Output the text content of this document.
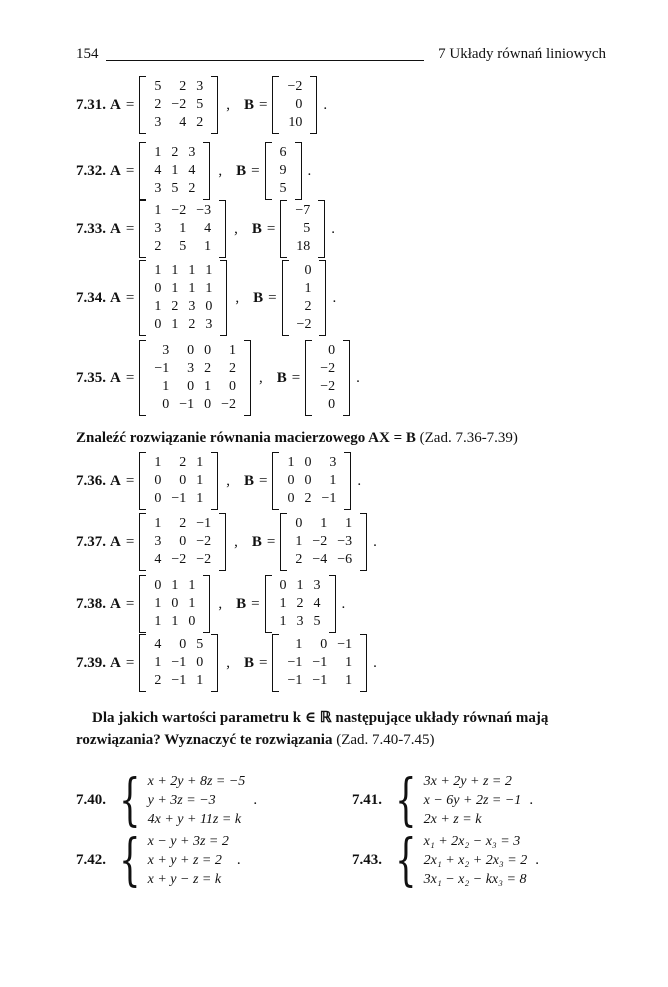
154	7 Układy równań liniowych
7.31. A =
5	2	3
2	−2	5
3	4	2
, B =
−2
0
10
.
7.32. A =
1	2	3
4	1	4
3	5	2
, B =
6
9
5
.
7.33. A =
1	−2	−3
3	1	4
2	5	1
, B =
−7
5
18
.
7.34. A =
1	1	1	1
0	1	1	1
1	2	3	0
0	1	2	3
, B =
0
1
2
−2
.
7.35. A =
3	0	0	1
−1	3	2	2
1	0	1	0
0	−1	0	−2
, B =
0
−2
−2
0
.
Znaleźć rozwiązanie równania macierzowego AX = B (Zad. 7.36-7.39)
7.36. A =
1	2	1
0	0	1
0	−1	1
, B =
1	0	3
0	0	1
0	2	−1
.
7.37. A =
1	2	−1
3	0	−2
4	−2	−2
, B =
0	1	1
1	−2	−3
2	−4	−6
.
7.38. A =
0	1	1
1	0	1
1	1	0
, B =
0	1	3
1	2	4
1	3	5
.
7.39. A =
4	0	5
1	−1	0
2	−1	1
, B =
1	0	−1
−1	−1	1
−1	−1	1
.
Dla jakich wartości parametru k ∈ ℝ następujące układy równań mają
rozwiązania? Wyznaczyć te rozwiązania (Zad. 7.40-7.45)
7.40. { x + 2y + 8z = −5
y + 3z = −3
4x + y + 11z = k
.	7.41. { 3x + 2y + z = 2
x − 6y + 2z = −1
2x + z = k
.
7.42. { x − y + 3z = 2
x + y + z = 2
x + y − z = k
.	7.43. { x₁ + 2x₂ − x₃ = 3
2x₁ + x₂ + 2x₃ = 2
3x₁ − x₂ − kx₃ = 8
.
